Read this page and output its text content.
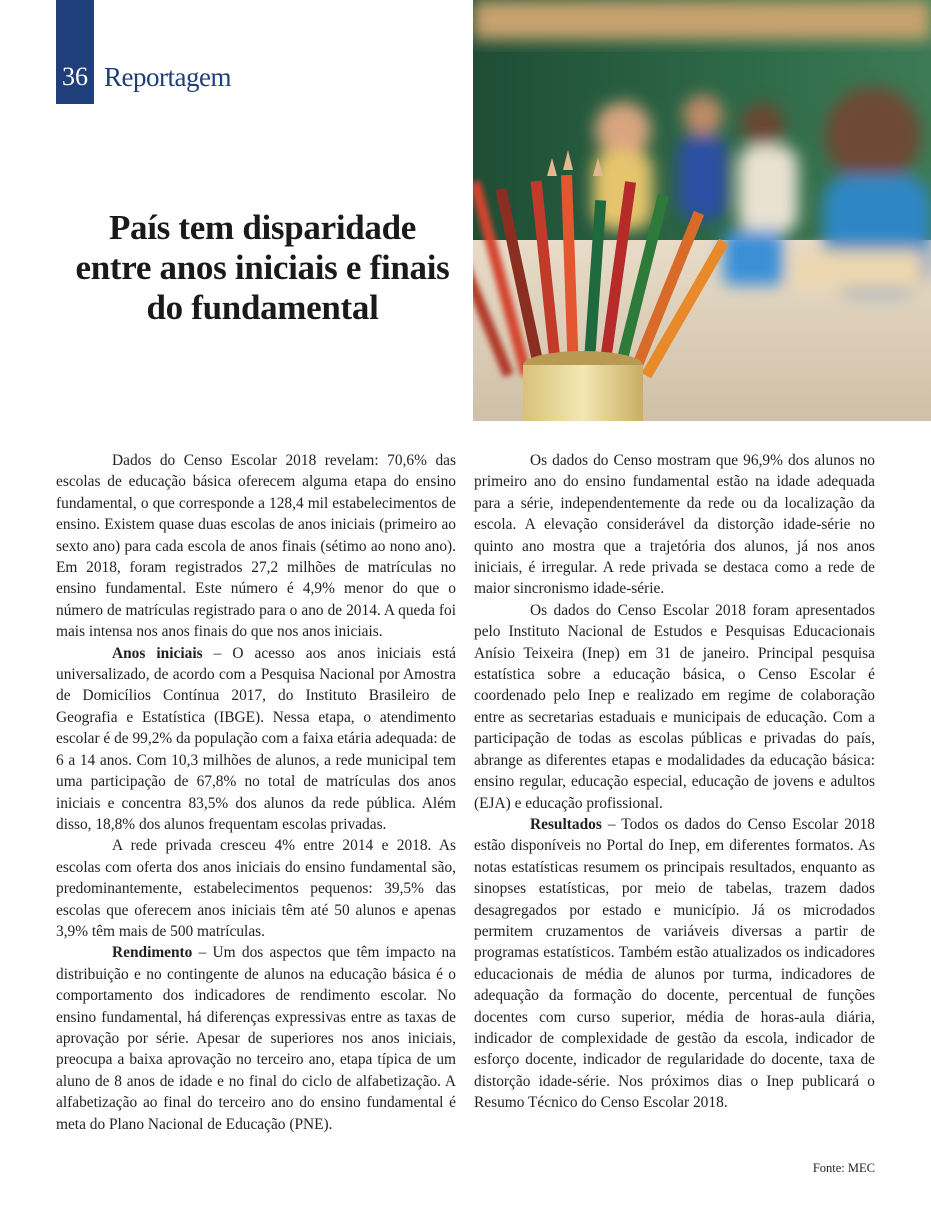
36 Reportagem
País tem disparidade entre anos iniciais e finais do fundamental

Dados do Censo Escolar 2018 revelam: 70,6% das escolas de educação básica oferecem alguma etapa do ensino fundamental, o que corresponde a 128,4 mil estabelecimentos de ensino. Existem quase duas escolas de anos iniciais (primeiro ao sexto ano) para cada escola de anos finais (sétimo ao nono ano). Em 2018, foram registrados 27,2 milhões de matrículas no ensino fundamental. Este número é 4,9% menor do que o número de matrículas registrado para o ano de 2014. A queda foi mais intensa nos anos finais do que nos anos iniciais.

Anos iniciais – O acesso aos anos iniciais está universalizado, de acordo com a Pesquisa Nacional por Amostra de Domicílios Contínua 2017, do Instituto Brasileiro de Geografia e Estatística (IBGE). Nessa etapa, o atendimento escolar é de 99,2% da população com a faixa etária adequada: de 6 a 14 anos. Com 10,3 milhões de alunos, a rede municipal tem uma participação de 67,8% no total de matrículas dos anos iniciais e concentra 83,5% dos alunos da rede pública. Além disso, 18,8% dos alunos frequentam escolas privadas.

A rede privada cresceu 4% entre 2014 e 2018. As escolas com oferta dos anos iniciais do ensino fundamental são, predominantemente, estabelecimentos pequenos: 39,5% das escolas que oferecem anos iniciais têm até 50 alunos e apenas 3,9% têm mais de 500 matrículas.

Rendimento – Um dos aspectos que têm impacto na distribuição e no contingente de alunos na educação básica é o comportamento dos indicadores de rendimento escolar. No ensino fundamental, há diferenças expressivas entre as taxas de aprovação por série. Apesar de superiores nos anos iniciais, preocupa a baixa aprovação no terceiro ano, etapa típica de um aluno de 8 anos de idade e no final do ciclo de alfabetização. A alfabetização ao final do terceiro ano do ensino fundamental é meta do Plano Nacional de Educação (PNE).

Os dados do Censo mostram que 96,9% dos alunos no primeiro ano do ensino fundamental estão na idade adequada para a série, independentemente da rede ou da localização da escola. A elevação considerável da distorção idade-série no quinto ano mostra que a trajetória dos alunos, já nos anos iniciais, é irregular. A rede privada se destaca como a rede de maior sincronismo idade-série.

Os dados do Censo Escolar 2018 foram apresentados pelo Instituto Nacional de Estudos e Pesquisas Educacionais Anísio Teixeira (Inep) em 31 de janeiro. Principal pesquisa estatística sobre a educação básica, o Censo Escolar é coordenado pelo Inep e realizado em regime de colaboração entre as secretarias estaduais e municipais de educação. Com a participação de todas as escolas públicas e privadas do país, abrange as diferentes etapas e modalidades da educação básica: ensino regular, educação especial, educação de jovens e adultos (EJA) e educação profissional.

Resultados – Todos os dados do Censo Escolar 2018 estão disponíveis no Portal do Inep, em diferentes formatos. As notas estatísticas resumem os principais resultados, enquanto as sinopses estatísticas, por meio de tabelas, trazem dados desagregados por estado e município. Já os microdados permitem cruzamentos de variáveis diversas a partir de programas estatísticos. Também estão atualizados os indicadores educacionais de média de alunos por turma, indicadores de adequação da formação do docente, percentual de funções docentes com curso superior, média de horas-aula diária, indicador de complexidade de gestão da escola, indicador de esforço docente, indicador de regularidade do docente, taxa de distorção idade-série. Nos próximos dias o Inep publicará o Resumo Técnico do Censo Escolar 2018.

Fonte: MEC
